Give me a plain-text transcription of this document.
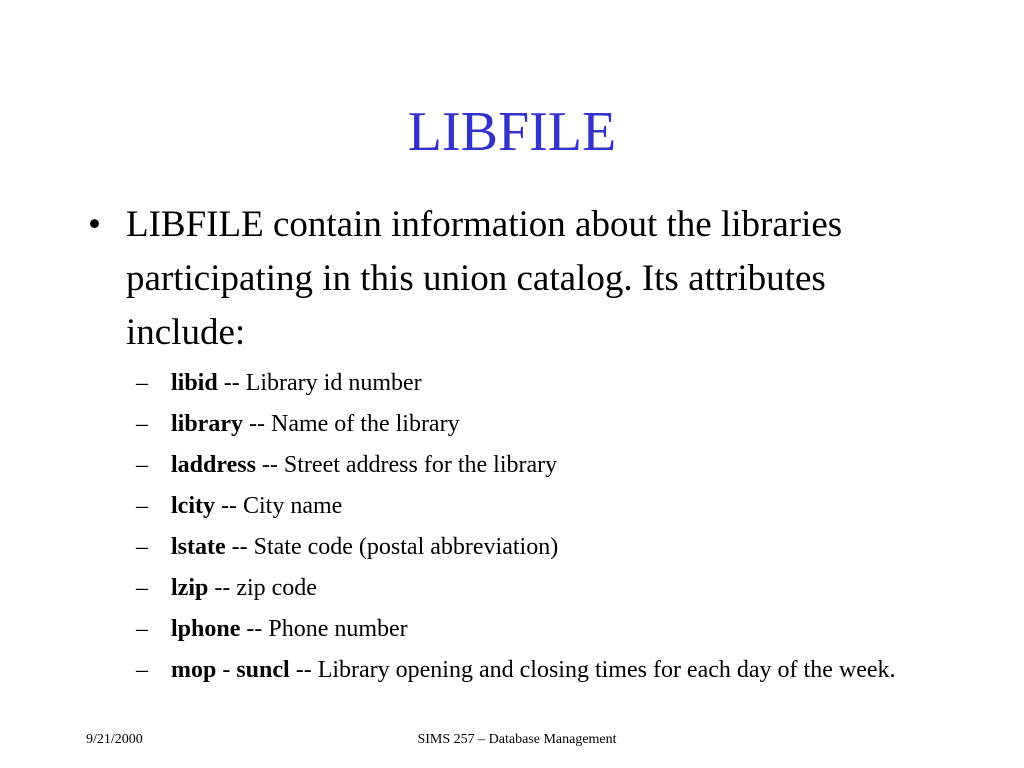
LIBFILE
• LIBFILE contain information about the libraries participating in this union catalog. Its attributes include:
– libid -- Library id number
– library -- Name of the library
– laddress -- Street address for the library
– lcity -- City name
– lstate -- State code (postal abbreviation)
– lzip -- zip code
– lphone -- Phone number
– mop - suncl -- Library opening and closing times for each day of the week.
9/21/2000	SIMS 257 – Database Management
